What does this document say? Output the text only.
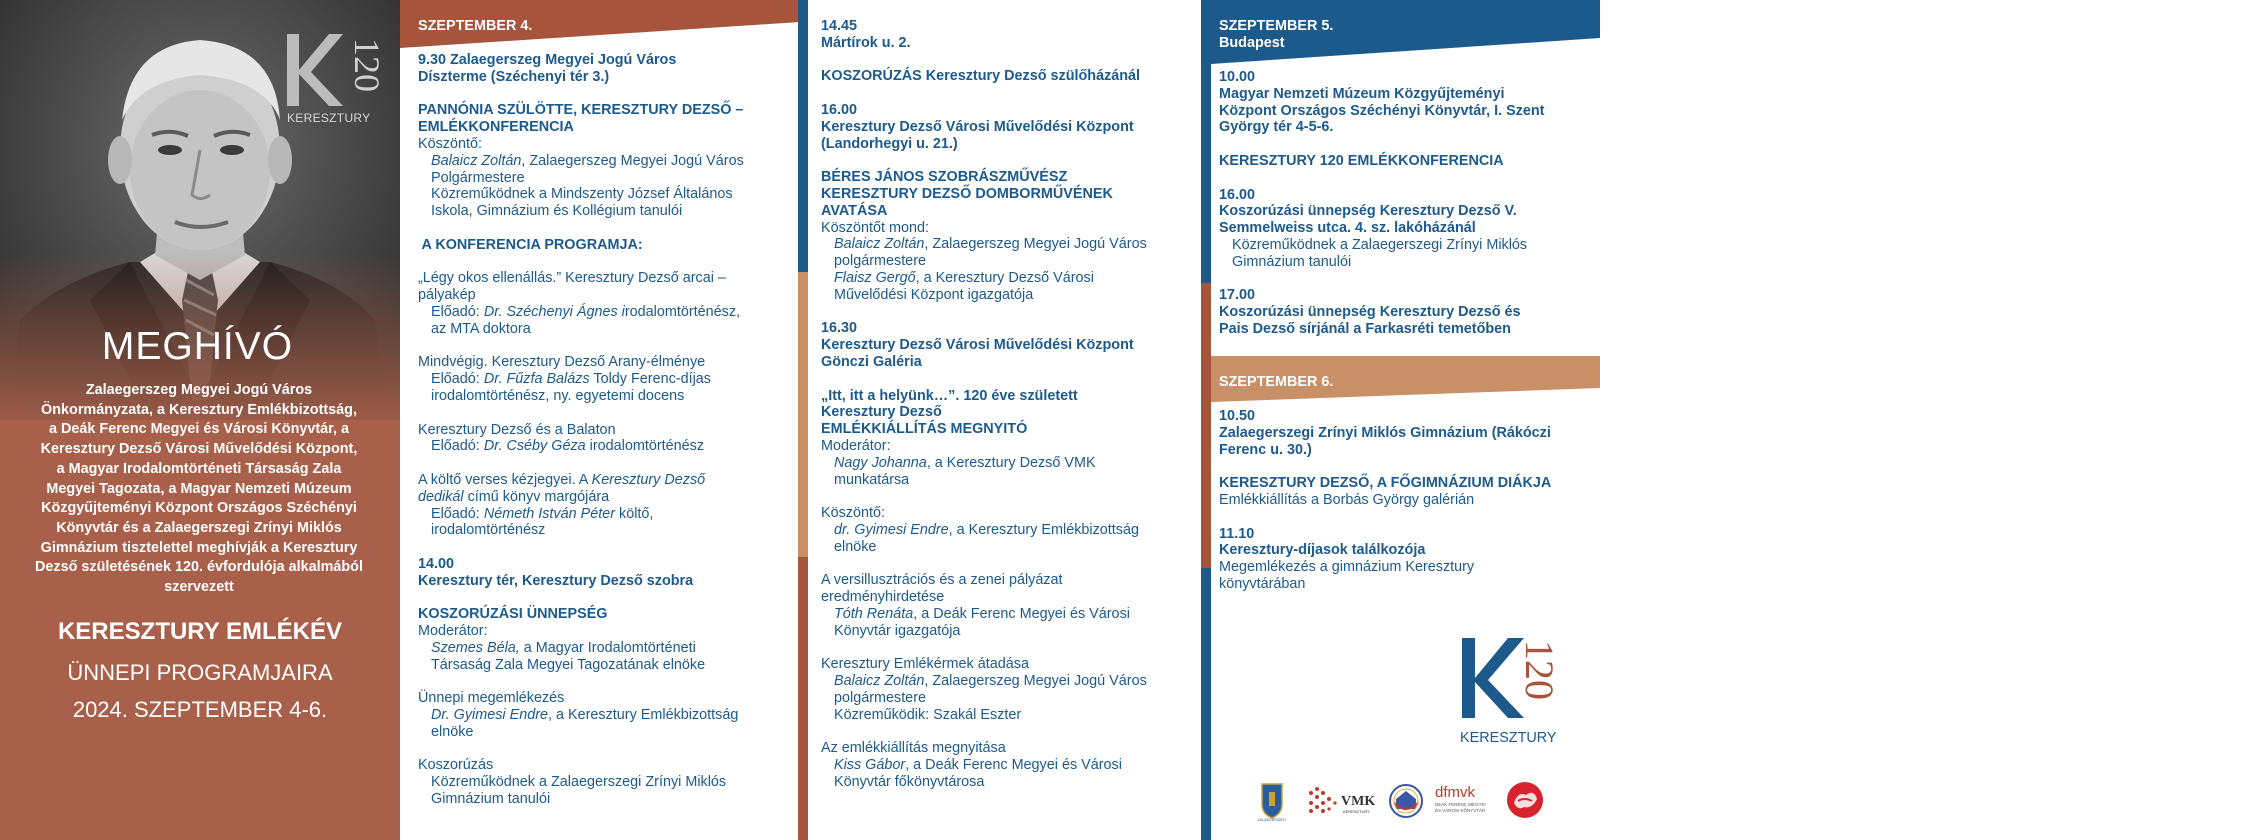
120
KERESZTURY
MEGHÍVÓ
Zalaegerszeg Megyei Jogú Város
Önkormányzata, a Keresztury Emlékbizottság,
a Deák Ferenc Megyei és Városi Könyvtár, a
Keresztury Dezső Városi Művelődési Központ,
a Magyar Irodalomtörténeti Társaság Zala
Megyei Tagozata, a Magyar Nemzeti Múzeum
Közgyűjteményi Központ Országos Széchényi
Könyvtár és a Zalaegerszegi Zrínyi Miklós
Gimnázium tisztelettel meghívják a Keresztury
Dezső születésének 120. évfordulója alkalmából
szervezett
KERESZTURY EMLÉKÉV
ÜNNEPI PROGRAMJAIRA
2024. SZEPTEMBER 4-6.
SZEPTEMBER 4.
9.30 Zalaegerszeg Megyei Jogú Város
Díszterme (Széchenyi tér 3.)
PANNÓNIA SZÜLÖTTE, KERESZTURY DEZSŐ –
EMLÉKKONFERENCIA
Köszöntő:
Balaicz Zoltán, Zalaegerszeg Megyei Jogú Város
Polgármestere
Közreműködnek a Mindszenty József Általános
Iskola, Gimnázium és Kollégium tanulói
A KONFERENCIA PROGRAMJA:
„Légy okos ellenállás.” Keresztury Dezső arcai –
pályakép
Előadó: Dr. Széchenyi Ágnes irodalomtörténész,
az MTA doktora
Mindvégig. Keresztury Dezső Arany-élménye
Előadó: Dr. Fűzfa Balázs Toldy Ferenc-díjas
irodalomtörténész, ny. egyetemi docens
Keresztury Dezső és a Balaton
Előadó: Dr. Cséby Géza irodalomtörténész
A költő verses kézjegyei. A Keresztury Dezső
dedikál című könyv margójára
Előadó: Németh István Péter költő,
irodalomtörténész
14.00
Keresztury tér, Keresztury Dezső szobra
KOSZORÚZÁSI ÜNNEPSÉG
Moderátor:
Szemes Béla, a Magyar Irodalomtörténeti
Társaság Zala Megyei Tagozatának elnöke
Ünnepi megemlékezés
Dr. Gyimesi Endre, a Keresztury Emlékbizottság
elnöke
Koszorúzás
Közreműködnek a Zalaegerszegi Zrínyi Miklós
Gimnázium tanulói
14.45
Mártírok u. 2.
KOSZORÚZÁS Keresztury Dezső szülőházánál
16.00
Keresztury Dezső Városi Művelődési Központ
(Landorhegyi u. 21.)
BÉRES JÁNOS SZOBRÁSZMŰVÉSZ
KERESZTURY DEZSŐ DOMBORMŰVÉNEK
AVATÁSA
Köszöntőt mond:
Balaicz Zoltán, Zalaegerszeg Megyei Jogú Város
polgármestere
Flaisz Gergő, a Keresztury Dezső Városi
Művelődési Központ igazgatója
16.30
Keresztury Dezső Városi Művelődési Központ
Gönczi Galéria
„Itt, itt a helyünk…”. 120 éve született
Keresztury Dezső
EMLÉKKIÁLLÍTÁS MEGNYITÓ
Moderátor:
Nagy Johanna, a Keresztury Dezső VMK
munkatársa
Köszöntő:
dr. Gyimesi Endre, a Keresztury Emlékbizottság
elnöke
A versillusztrációs és a zenei pályázat
eredményhirdetése
Tóth Renáta, a Deák Ferenc Megyei és Városi
Könyvtár igazgatója
Keresztury Emlékérmek átadása
Balaicz Zoltán, Zalaegerszeg Megyei Jogú Város
polgármestere
Közreműködik: Szakál Eszter
Az emlékkiállítás megnyitása
Kiss Gábor, a Deák Ferenc Megyei és Városi
Könyvtár főkönyvtárosa
SZEPTEMBER 5.
Budapest
10.00
Magyar Nemzeti Múzeum Közgyűjteményi
Központ Országos Széchényi Könyvtár, I. Szent
György tér 4-5-6.
KERESZTURY 120 EMLÉKKONFERENCIA
16.00
Koszorúzási ünnepség Keresztury Dezső V.
Semmelweiss utca. 4. sz. lakóházánál
Közreműködnek a Zalaegerszegi Zrínyi Miklós
Gimnázium tanulói
17.00
Koszorúzási ünnepség Keresztury Dezső és
Pais Dezső sírjánál a Farkasréti temetőben
SZEPTEMBER 6.
10.50
Zalaegerszegi Zrínyi Miklós Gimnázium (Rákóczi
Ferenc u. 30.)
KERESZTURY DEZSŐ, A FŐGIMNÁZIUM DIÁKJA
Emlékkiállítás a Borbás György galérián
11.10
Keresztury-díjasok találkozója
Megemlékezés a gimnázium Keresztury
könyvtárában
120
KERESZTURY
ZALAEGERSZEG
VMK
KERESZTURY
dfmvk
DEÁK FERENC MEGYEI
ÉS VÁROSI KÖNYVTÁR
